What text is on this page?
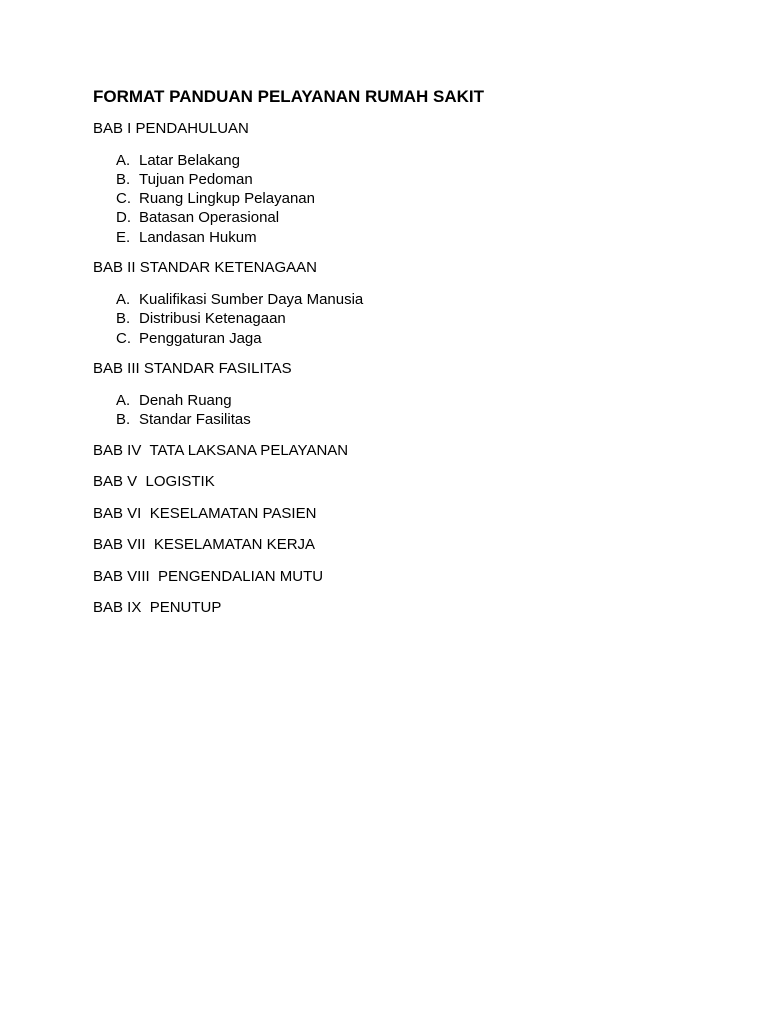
FORMAT PANDUAN PELAYANAN RUMAH SAKIT
BAB I PENDAHULUAN
A. Latar Belakang
B. Tujuan Pedoman
C. Ruang Lingkup Pelayanan
D. Batasan Operasional
E. Landasan Hukum
BAB II STANDAR KETENAGAAN
A. Kualifikasi Sumber Daya Manusia
B. Distribusi Ketenagaan
C. Penggaturan Jaga
BAB III STANDAR FASILITAS
A. Denah Ruang
B. Standar Fasilitas
BAB IV TATA LAKSANA PELAYANAN
BAB V LOGISTIK
BAB VI KESELAMATAN PASIEN
BAB VII KESELAMATAN KERJA
BAB VIII PENGENDALIAN MUTU
BAB IX PENUTUP
